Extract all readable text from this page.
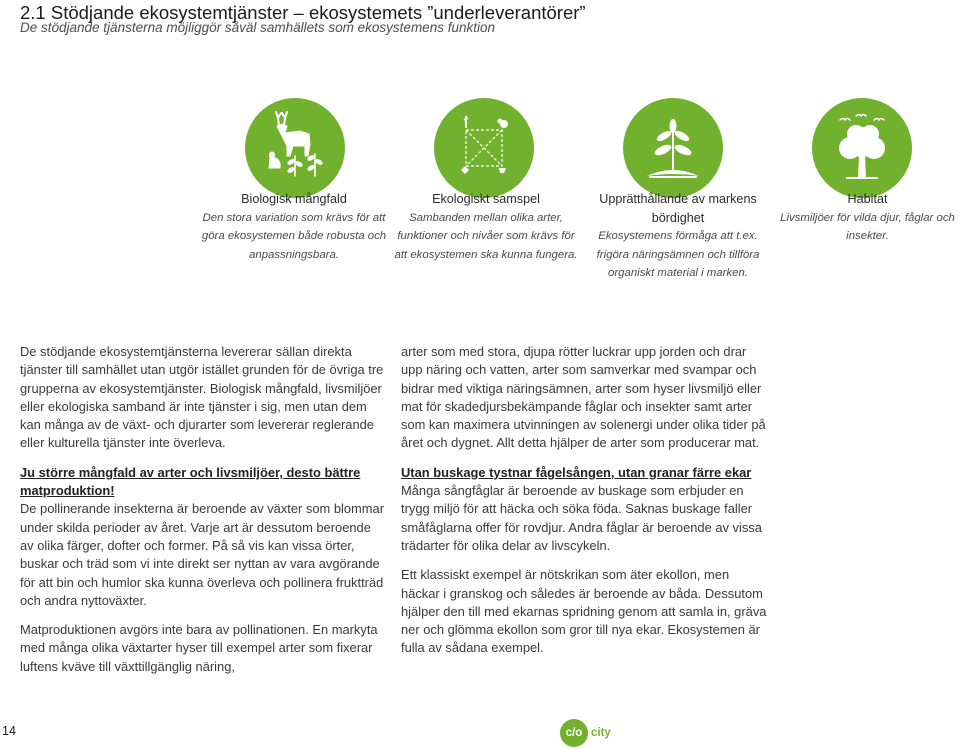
2.1 Stödjande ekosystemtjänster – ekosystemets ”underleverantörer”
De stödjande tjänsterna möjliggör såväl samhällets som ekosystemens funktion
Biologisk mångfald
Den stora variation som krävs för att göra ekosystemen både robusta och anpassningsbara.
Ekologiskt samspel
Sambanden mellan olika arter, funktioner och nivåer som krävs för att ekosystemen ska kunna fungera.
Upprätthållande av markens bördighet
Ekosystemens förmåga att t.ex. frigöra näringsämnen och tillföra organiskt material i marken.
Habitat
Livsmiljöer för vilda djur, fåglar och insekter.

De stödjande ekosystemtjänsterna levererar sällan direkta tjänster till samhället utan utgör istället grunden för de övriga tre grupperna av ekosystemtjänster. Biologisk mångfald, livsmiljöer eller ekologiska samband är inte tjänster i sig, men utan dem kan många av de växt- och djurarter som levererar reglerande eller kulturella tjänster inte överleva.

Ju större mångfald av arter och livsmiljöer, desto bättre matproduktion!

De pollinerande insekterna är beroende av växter som blommar under skilda perioder av året. Varje art är dessutom beroende av olika färger, dofter och former. På så vis kan vissa örter, buskar och träd som vi inte direkt ser nyttan av vara avgörande för att bin och humlor ska kunna överleva och pollinera fruktträd och andra nyttoväxter.

Matproduktionen avgörs inte bara av pollinationen. En markyta med många olika växtarter hyser till exempel arter som fixerar luftens kväve till växttillgänglig näring,

arter som med stora, djupa rötter luckrar upp jorden och drar upp näring och vatten, arter som samverkar med svampar och bidrar med viktiga näringsämnen, arter som hyser livsmiljö eller mat för skadedjursbekämpande fåglar och insekter samt arter som kan maximera utvinningen av solenergi under olika tider på året och dygnet. Allt detta hjälper de arter som producerar mat.

Utan buskage tystnar fågelsången, utan granar färre ekar

Många sångfåglar är beroende av buskage som erbjuder en trygg miljö för att häcka och söka föda. Saknas buskage faller småfåglarna offer för rovdjur. Andra fåglar är beroende av vissa trädarter för olika delar av livscykeln.

Ett klassiskt exempel är nötskrikan som äter ekollon, men häckar i granskog och således är beroende av båda. Dessutom hjälper den till med ekarnas spridning genom att samla in, gräva ner och glömma ekollon som gror till nya ekar. Ekosystemen är fulla av sådana exempel.

14	c/o city
